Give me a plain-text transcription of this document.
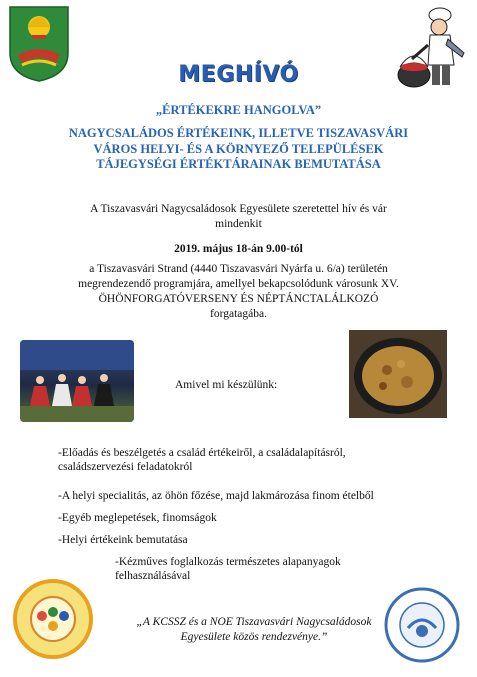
MEGHÍVÓ
„ÉRTÉKEKRE HANGOLVA”
NAGYCSALÁDOS ÉRTÉKEINK, ILLETVE TISZAVASVÁRI
VÁROS HELYI- ÉS A KÖRNYEZŐ TELEPÜLÉSEK
TÁJEGYSÉGI ÉRTÉKTÁRAINAK BEMUTATÁSA
A Tiszavasvári Nagycsaládosok Egyesülete szeretettel hív és vár
mindenkit
2019. május 18-án 9.00-tól
a Tiszavasvári Strand (4440 Tiszavasvári Nyárfa u. 6/a) területén
megrendezendő programjára, amellyel bekapcsolódunk városunk XV.
ÖHÖNFORGATÓVERSENY ÉS NÉPTÁNCTALÁLKOZÓ
forgatagába.
Amivel mi készülünk:
-Előadás és beszélgetés a család értékeiről, a családalapításról,
családszervezési feladatokról
-A helyi specialitás, az öhön főzése, majd lakmározása finom ételből
-Egyéb meglepetések, finomságok
-Helyi értékeink bemutatása
-Kézműves foglalkozás természetes alapanyagok
felhasználásával
„A KCSSZ és a NOE Tiszavasvári Nagycsaládosok
Egyesülete közös rendezvénye.”
